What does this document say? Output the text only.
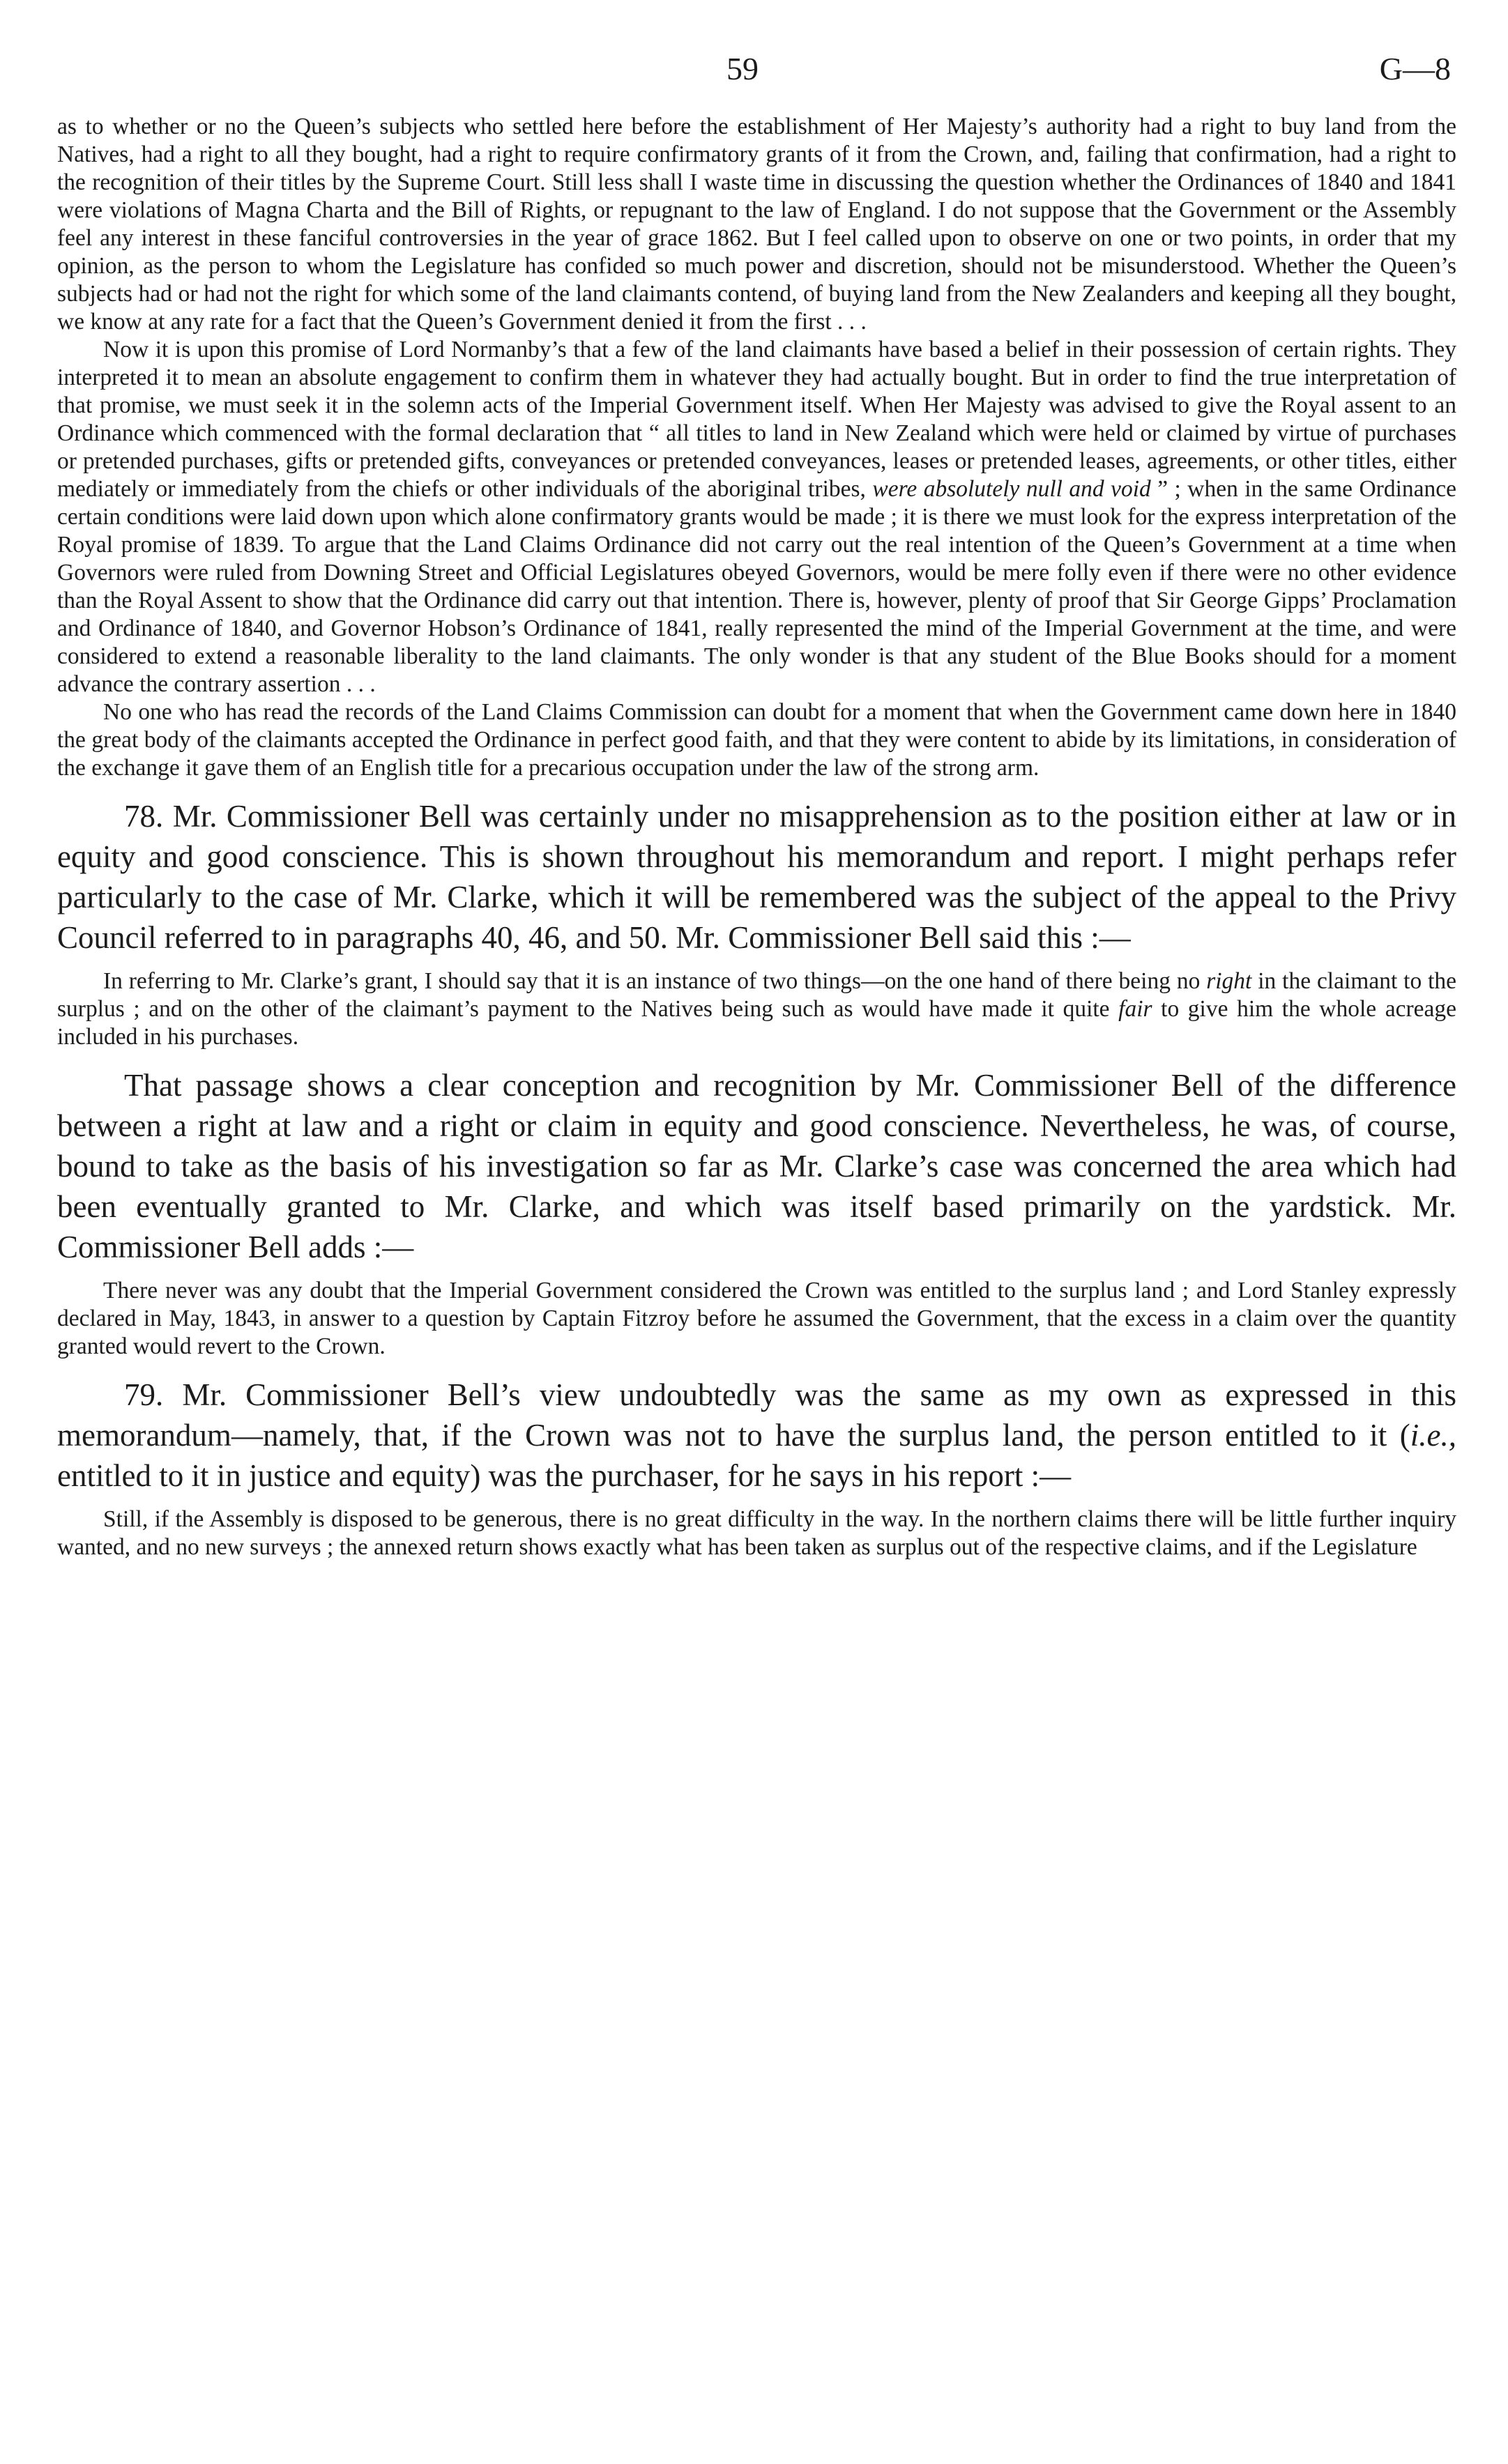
59	G—8

as to whether or no the Queen’s subjects who settled here before the establishment of Her Majesty’s authority had a right to buy land from the Natives, had a right to all they bought, had a right to require confirmatory grants of it from the Crown, and, failing that confirmation, had a right to the recognition of their titles by the Supreme Court. Still less shall I waste time in discussing the question whether the Ordinances of 1840 and 1841 were violations of Magna Charta and the Bill of Rights, or repugnant to the law of England. I do not suppose that the Government or the Assembly feel any interest in these fanciful controversies in the year of grace 1862. But I feel called upon to observe on one or two points, in order that my opinion, as the person to whom the Legislature has confided so much power and discretion, should not be misunderstood. Whether the Queen’s subjects had or had not the right for which some of the land claimants contend, of buying land from the New Zealanders and keeping all they bought, we know at any rate for a fact that the Queen’s Government denied it from the first . . .

Now it is upon this promise of Lord Normanby’s that a few of the land claimants have based a belief in their possession of certain rights. They interpreted it to mean an absolute engagement to confirm them in whatever they had actually bought. But in order to find the true interpretation of that promise, we must seek it in the solemn acts of the Imperial Government itself. When Her Majesty was advised to give the Royal assent to an Ordinance which commenced with the formal declaration that “ all titles to land in New Zealand which were held or claimed by virtue of purchases or pretended purchases, gifts or pretended gifts, conveyances or pretended conveyances, leases or pretended leases, agreements, or other titles, either mediately or immediately from the chiefs or other individuals of the aboriginal tribes, were absolutely null and void ” ; when in the same Ordinance certain conditions were laid down upon which alone confirmatory grants would be made ; it is there we must look for the express interpretation of the Royal promise of 1839. To argue that the Land Claims Ordinance did not carry out the real intention of the Queen’s Government at a time when Governors were ruled from Downing Street and Official Legislatures obeyed Governors, would be mere folly even if there were no other evidence than the Royal Assent to show that the Ordinance did carry out that intention. There is, however, plenty of proof that Sir George Gipps’ Proclamation and Ordinance of 1840, and Governor Hobson’s Ordinance of 1841, really represented the mind of the Imperial Government at the time, and were considered to extend a reasonable liberality to the land claimants. The only wonder is that any student of the Blue Books should for a moment advance the contrary assertion . . .

No one who has read the records of the Land Claims Commission can doubt for a moment that when the Government came down here in 1840 the great body of the claimants accepted the Ordinance in perfect good faith, and that they were content to abide by its limitations, in consideration of the exchange it gave them of an English title for a precarious occupation under the law of the strong arm.

78. Mr. Commissioner Bell was certainly under no misapprehension as to the position either at law or in equity and good conscience. This is shown throughout his memorandum and report. I might perhaps refer particularly to the case of Mr. Clarke, which it will be remembered was the subject of the appeal to the Privy Council referred to in paragraphs 40, 46, and 50. Mr. Commissioner Bell said this :—

In referring to Mr. Clarke’s grant, I should say that it is an instance of two things—on the one hand of there being no right in the claimant to the surplus ; and on the other of the claimant’s payment to the Natives being such as would have made it quite fair to give him the whole acreage included in his purchases.

That passage shows a clear conception and recognition by Mr. Commissioner Bell of the difference between a right at law and a right or claim in equity and good conscience. Nevertheless, he was, of course, bound to take as the basis of his investigation so far as Mr. Clarke’s case was concerned the area which had been eventually granted to Mr. Clarke, and which was itself based primarily on the yardstick. Mr. Commissioner Bell adds :—

There never was any doubt that the Imperial Government considered the Crown was entitled to the surplus land ; and Lord Stanley expressly declared in May, 1843, in answer to a question by Captain Fitzroy before he assumed the Government, that the excess in a claim over the quantity granted would revert to the Crown.

79. Mr. Commissioner Bell’s view undoubtedly was the same as my own as expressed in this memorandum—namely, that, if the Crown was not to have the surplus land, the person entitled to it (i.e., entitled to it in justice and equity) was the purchaser, for he says in his report :—

Still, if the Assembly is disposed to be generous, there is no great difficulty in the way. In the northern claims there will be little further inquiry wanted, and no new surveys ; the annexed return shows exactly what has been taken as surplus out of the respective claims, and if the Legislature
